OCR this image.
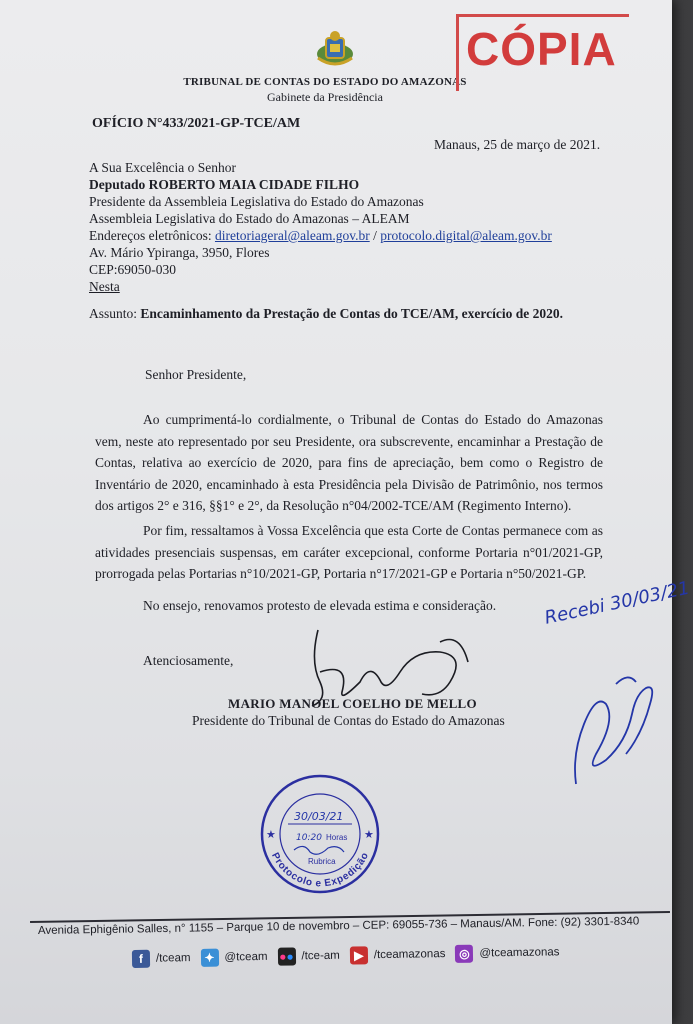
TRIBUNAL DE CONTAS DO ESTADO DO AMAZONAS
Gabinete da Presidência
CÓPIA
OFÍCIO N°433/2021-GP-TCE/AM
Manaus, 25 de março de 2021.
A Sua Excelência o Senhor
Deputado ROBERTO MAIA CIDADE FILHO
Presidente da Assembleia Legislativa do Estado do Amazonas
Assembleia Legislativa do Estado do Amazonas – ALEAM
Endereços eletrônicos: diretoriageral@aleam.gov.br / protocolo.digital@aleam.gov.br
Av. Mário Ypiranga, 3950, Flores
CEP:69050-030
Nesta
Assunto: Encaminhamento da Prestação de Contas do TCE/AM, exercício de 2020.
Senhor Presidente,
Ao cumprimentá-lo cordialmente, o Tribunal de Contas do Estado do Amazonas vem, neste ato representado por seu Presidente, ora subscrevente, encaminhar a Prestação de Contas, relativa ao exercício de 2020, para fins de apreciação, bem como o Registro de Inventário de 2020, encaminhado à esta Presidência pela Divisão de Patrimônio, nos termos dos artigos 2° e 316, §§1° e 2°, da Resolução n°04/2002-TCE/AM (Regimento Interno).
Por fim, ressaltamos à Vossa Excelência que esta Corte de Contas permanece com as atividades presenciais suspensas, em caráter excepcional, conforme Portaria n°01/2021-GP, prorrogada pelas Portarias n°10/2021-GP, Portaria n°17/2021-GP e Portaria n°50/2021-GP.
No ensejo, renovamos protesto de elevada estima e consideração.
Atenciosamente,
MARIO MANOEL COELHO DE MELLO
Presidente do Tribunal de Contas do Estado do Amazonas
Recebi 30/03/21
Protocolo e Expedição
★	★
30/03/21
10:20 Horas
Rubrica
Avenida Ephigênio Salles, n° 1155 – Parque 10 de novembro – CEP: 69055-736 – Manaus/AM. Fone: (92) 3301-8340
f	/tceam	✦ @tceam ● ● /tce-am	▶ /tceamazonas	◎ @tceamazonas
